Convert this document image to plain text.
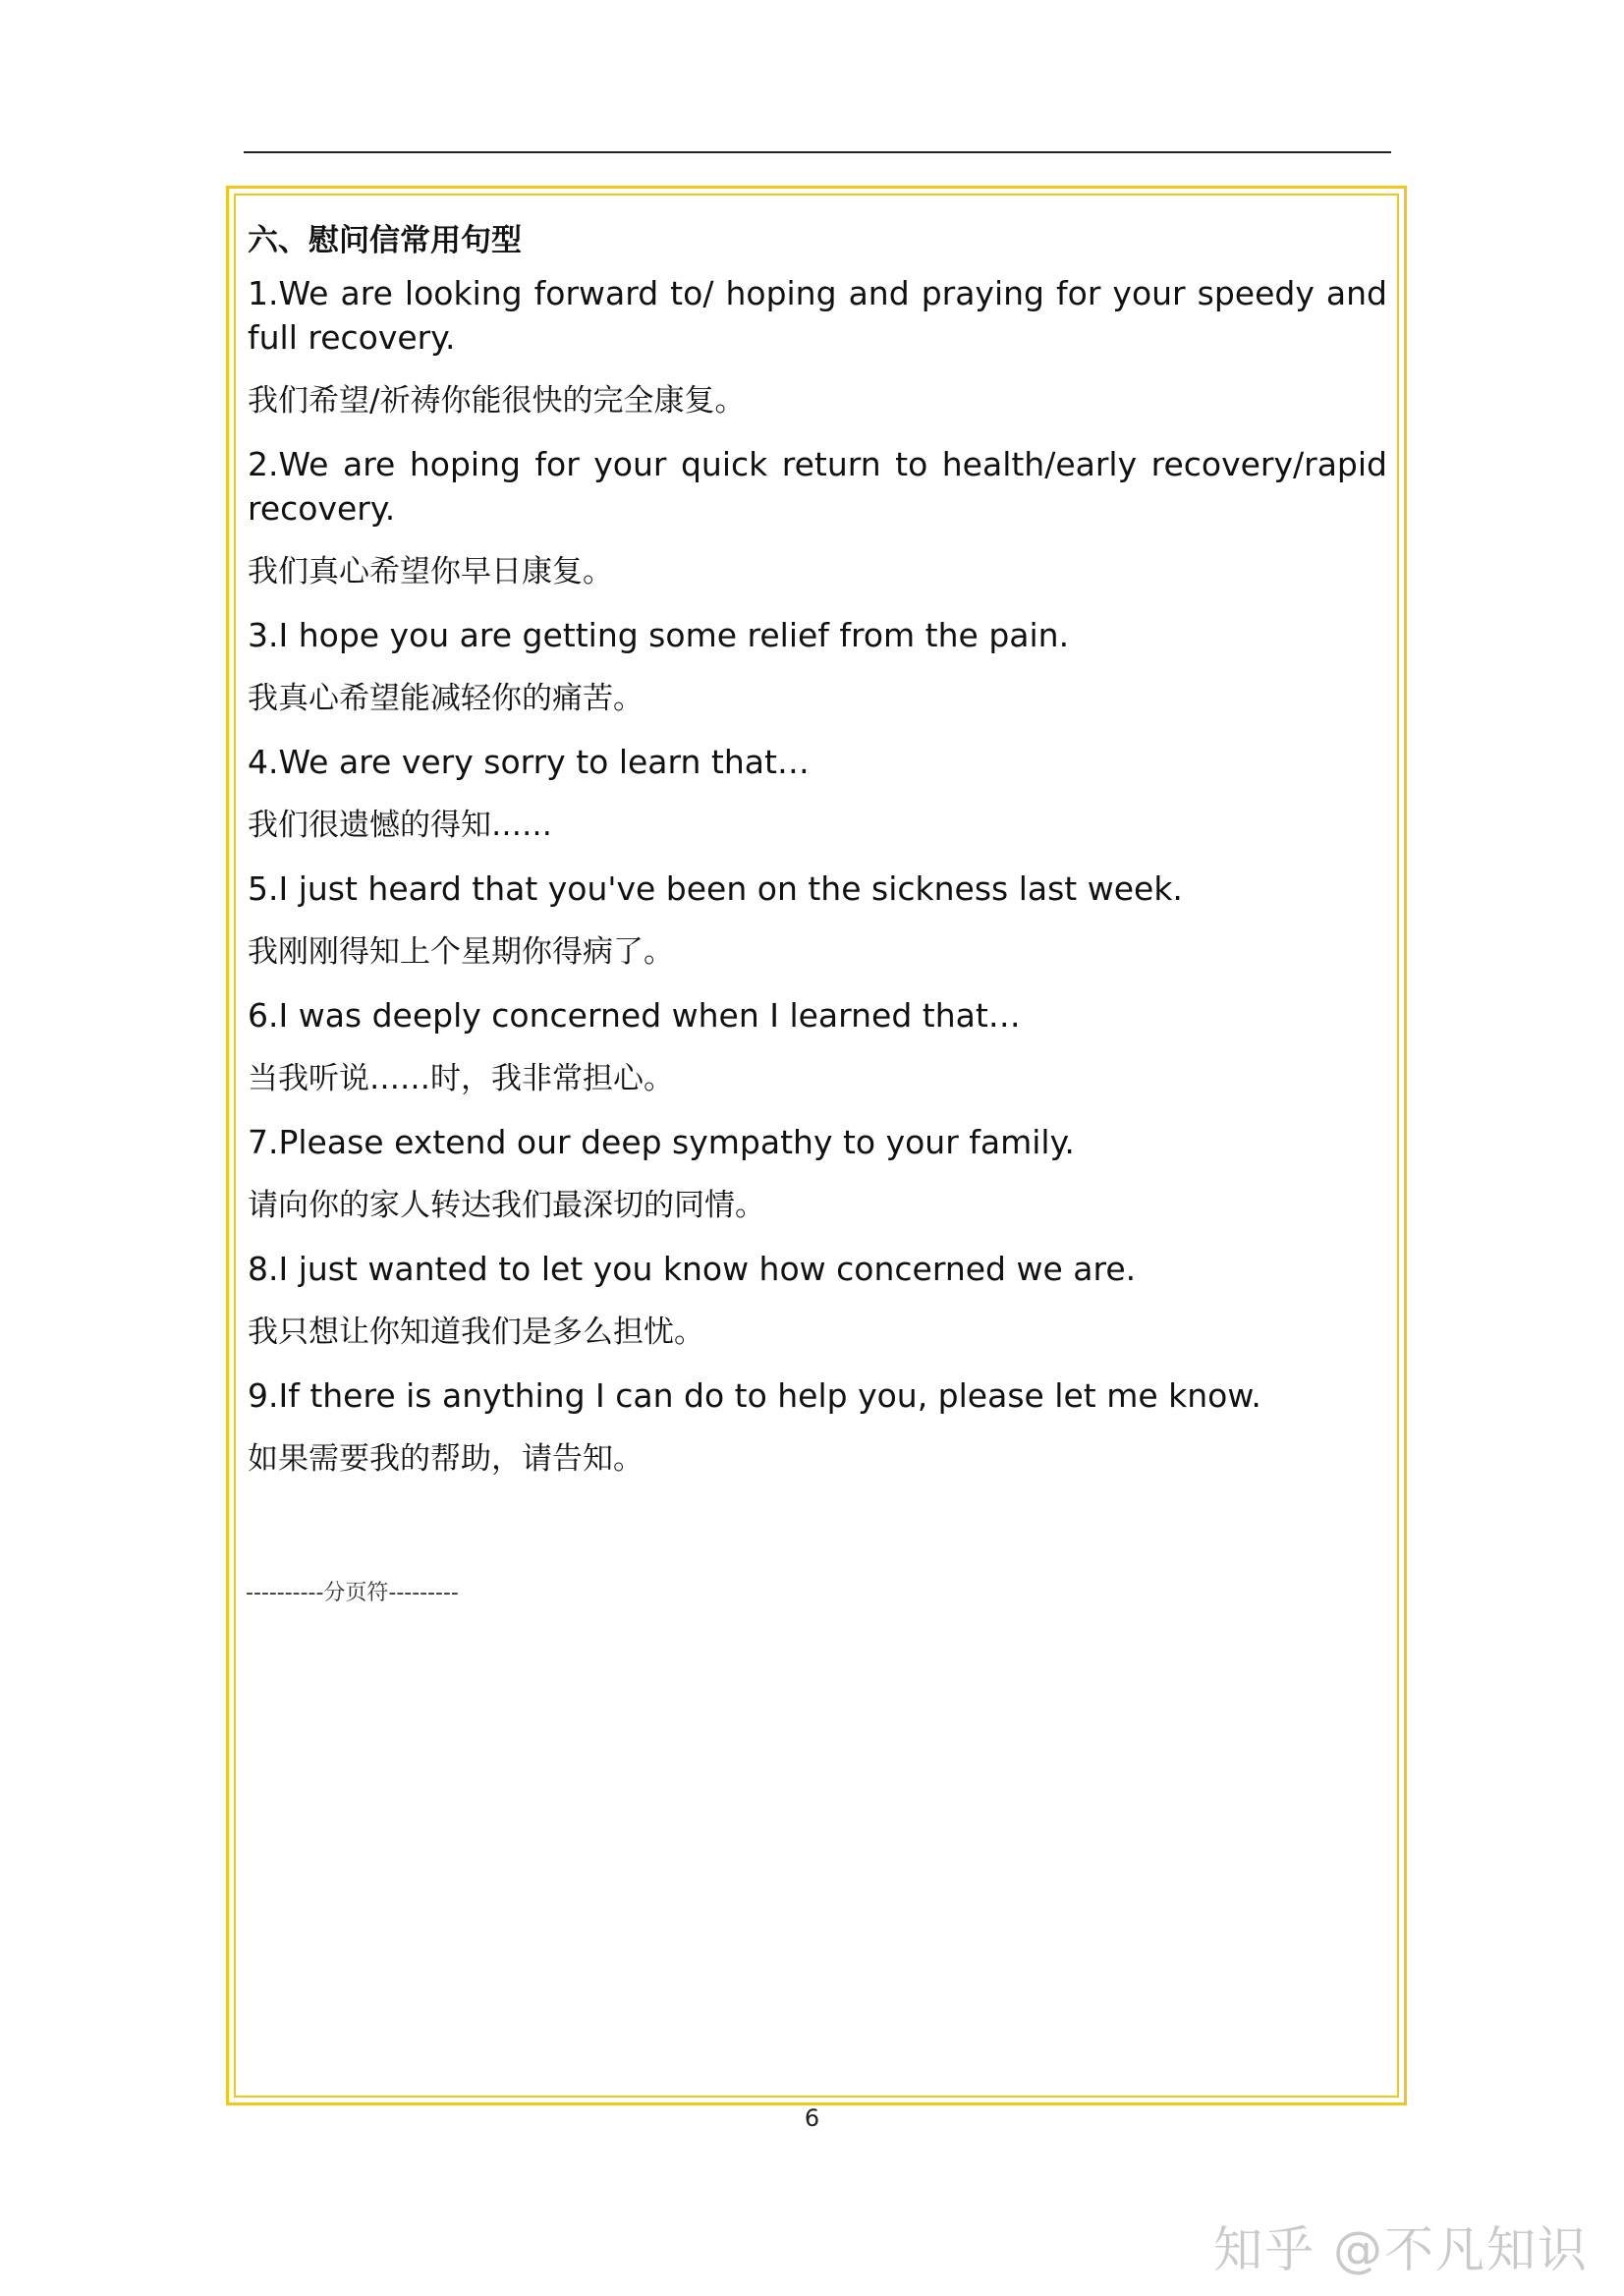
六、慰问信常用句型
1.We are looking forward to/ hoping and praying for your speedy and full recovery.
我们希望/祈祷你能很快的完全康复。
2.We are hoping for your quick return to health/early recovery/rapid recovery.
我们真心希望你早日康复。
3.I hope you are getting some relief from the pain.
我真心希望能减轻你的痛苦。
4.We are very sorry to learn that…
我们很遗憾的得知……
5.I just heard that you've been on the sickness last week.
我刚刚得知上个星期你得病了。
6.I was deeply concerned when I learned that…
当我听说……时，我非常担心。
7.Please extend our deep sympathy to your family.
请向你的家人转达我们最深切的同情。
8.I just wanted to let you know how concerned we are.
我只想让你知道我们是多么担忧。
9.If there is anything I can do to help you, please let me know.
如果需要我的帮助，请告知。
----------分页符---------
6
知乎 @不凡知识
